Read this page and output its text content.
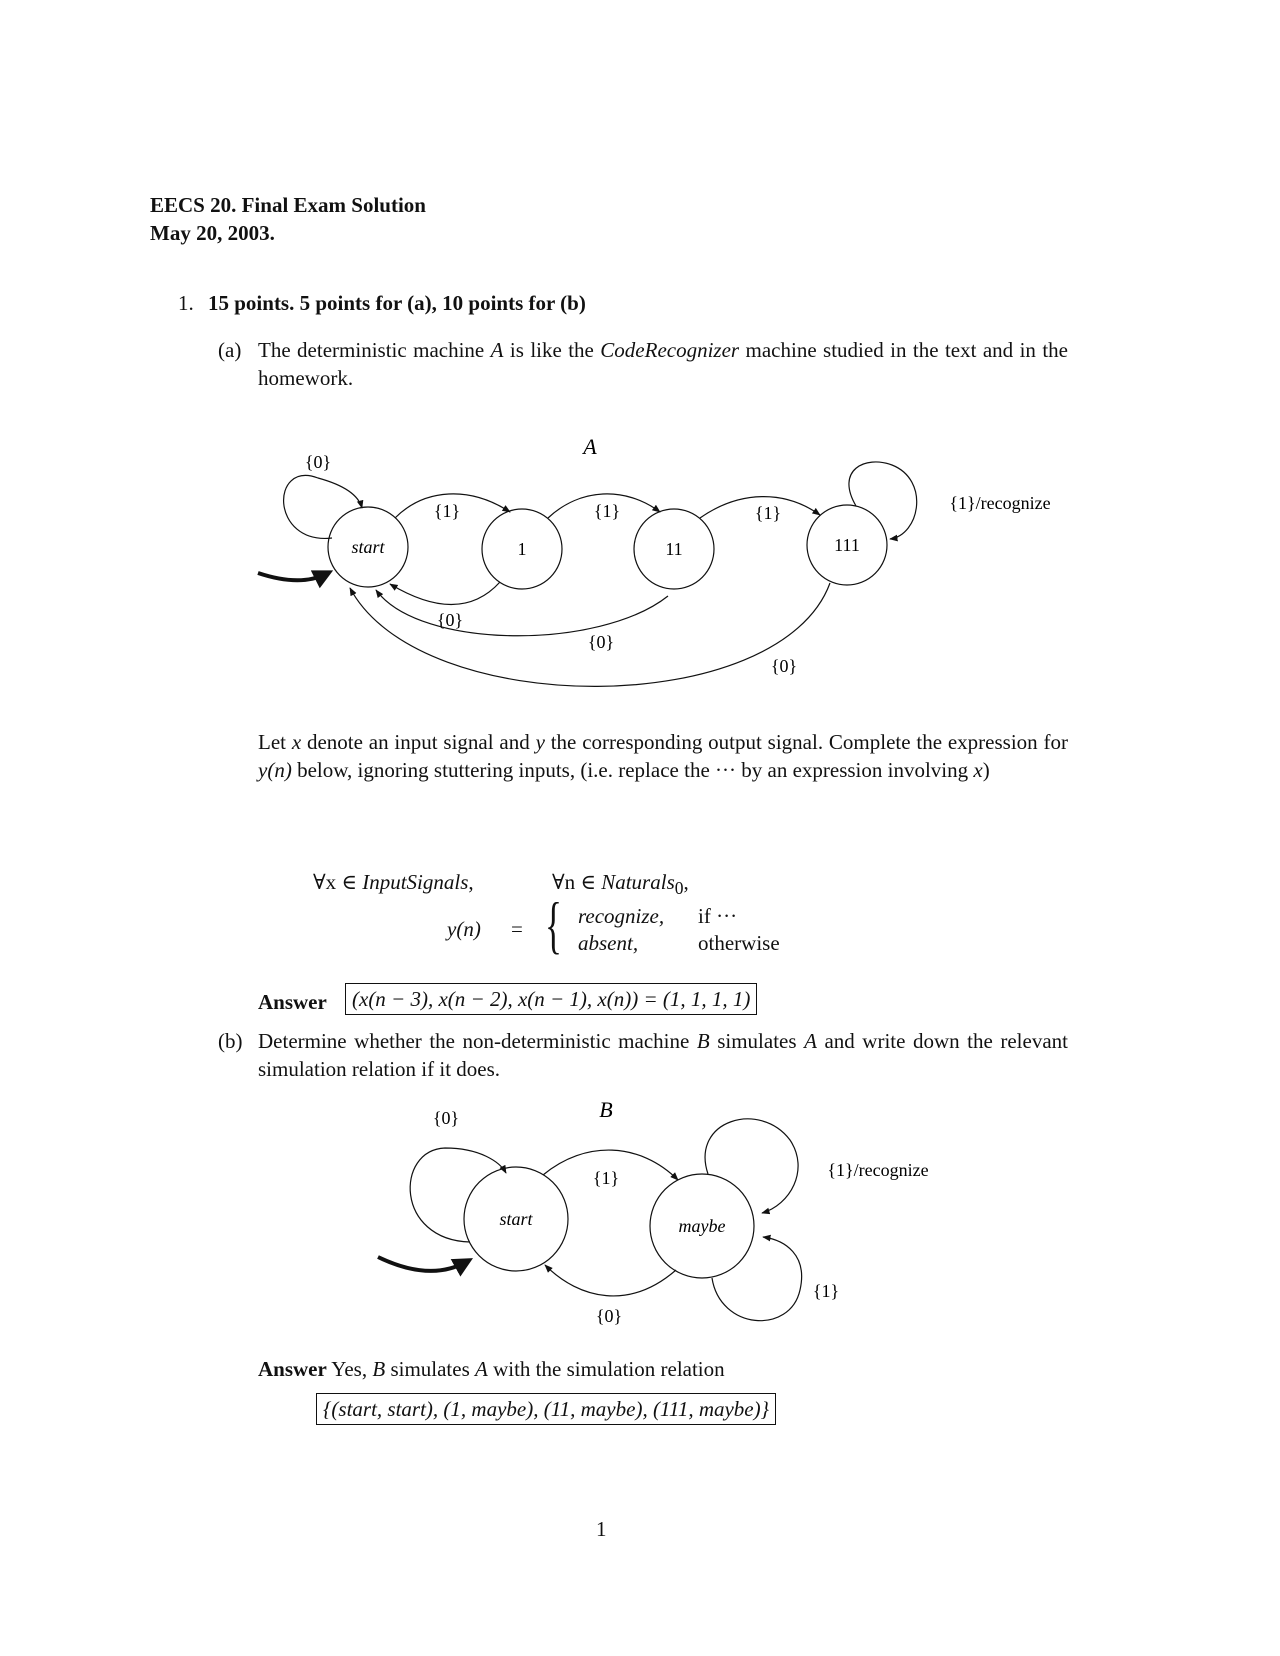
EECS 20. Final Exam Solution
May 20, 2003.
1. 15 points. 5 points for (a), 10 points for (b)
(a) The deterministic machine A is like the CodeRecognizer machine studied in the text and in the homework.
A
start	1	11	111
{0}
{1}	{1}	{1}	{1}/recognize
{0}
{0}
{0}
Let x denote an input signal and y the corresponding output signal. Complete the expression for y(n) below, ignoring stuttering inputs, (i.e. replace the ··· by an expression involving x)
∀x ∈ InputSignals,	∀n ∈ Naturals$_0$,
y(n) = { recognize, if ···
absent,	otherwise
Answer	(x(n − 3), x(n − 2), x(n − 1), x(n)) = (1, 1, 1, 1)
(b) Determine whether the non-deterministic machine B simulates A and write down the relevant simulation relation if it does.
B
start	maybe
{0}
{1}
{0}
{1}/recognize
{1}
Answer Yes, B simulates A with the simulation relation
{(start, start), (1, maybe), (11, maybe), (111, maybe)}
1
